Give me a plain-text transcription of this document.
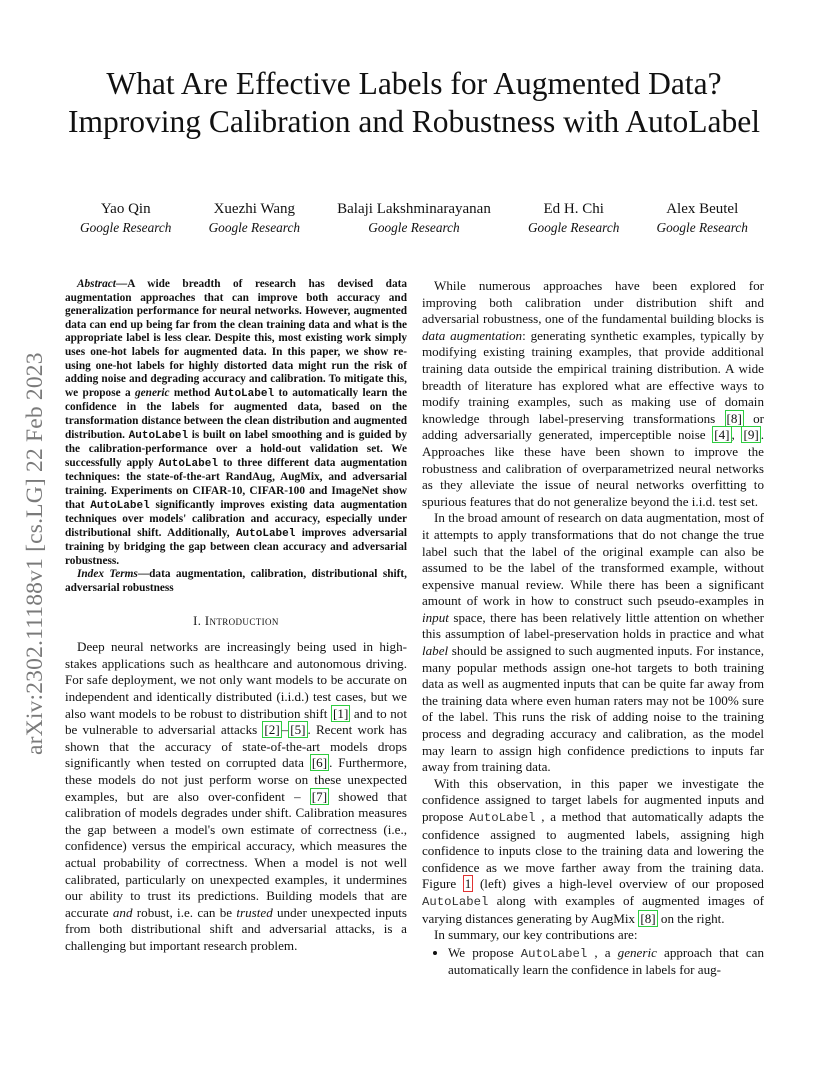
arXiv:2302.11188v1 [cs.LG] 22 Feb 2023
What Are Effective Labels for Augmented Data? Improving Calibration and Robustness with AutoLabel
Yao Qin
Google Research
Xuezhi Wang
Google Research
Balaji Lakshminarayanan
Google Research
Ed H. Chi
Google Research
Alex Beutel
Google Research

Abstract—A wide breadth of research has devised data augmentation approaches that can improve both accuracy and generalization performance for neural networks. However, augmented data can end up being far from the clean training data and what is the appropriate label is less clear. Despite this, most existing work simply uses one-hot labels for augmented data. In this paper, we show re-using one-hot labels for highly distorted data might run the risk of adding noise and degrading accuracy and calibration. To mitigate this, we propose a generic method AutoLabel to automatically learn the confidence in the labels for augmented data, based on the transformation distance between the clean distribution and augmented distribution. AutoLabel is built on label smoothing and is guided by the calibration-performance over a hold-out validation set. We successfully apply AutoLabel to three different data augmentation techniques: the state-of-the-art RandAug, AugMix, and adversarial training. Experiments on CIFAR-10, CIFAR-100 and ImageNet show that AutoLabel significantly improves existing data augmentation techniques over models' calibration and accuracy, especially under distributional shift. Additionally, AutoLabel improves adversarial training by bridging the gap between clean accuracy and adversarial robustness.

Index Terms—data augmentation, calibration, distributional shift, adversarial robustness

I. Introduction

Deep neural networks are increasingly being used in high-stakes applications such as healthcare and autonomous driving. For safe deployment, we not only want models to be accurate on independent and identically distributed (i.i.d.) test cases, but we also want models to be robust to distribution shift [1] and to not be vulnerable to adversarial attacks [2] – [5] . Recent work has shown that the accuracy of state-of-the-art models drops significantly when tested on corrupted data [6] . Furthermore, these models do not just perform worse on these unexpected examples, but are also over-confident – [7] showed that calibration of models degrades under shift. Calibration measures the gap between a model's own estimate of correctness (i.e., confidence) versus the empirical accuracy, which measures the actual probability of correctness. When a model is not well calibrated, particularly on unexpected examples, it undermines our ability to trust its predictions. Building models that are accurate and robust, i.e. can be trusted under unexpected inputs from both distributional shift and adversarial attacks, is a challenging but important research problem.

While numerous approaches have been explored for improving both calibration under distribution shift and adversarial robustness, one of the fundamental building blocks is data augmentation: generating synthetic examples, typically by modifying existing training examples, that provide additional training data outside the empirical training distribution. A wide breadth of literature has explored what are effective ways to modify training examples, such as making use of domain knowledge through label-preserving transformations [8] or adding adversarially generated, imperceptible noise [4] , [9] . Approaches like these have been shown to improve the robustness and calibration of overparametrized neural networks as they alleviate the issue of neural networks overfitting to spurious features that do not generalize beyond the i.i.d. test set.

In the broad amount of research on data augmentation, most of it attempts to apply transformations that do not change the true label such that the label of the original example can also be assumed to be the label of the transformed example, without expensive manual review. While there has been a significant amount of work in how to construct such pseudo-examples in input space, there has been relatively little attention on whether this assumption of label-preservation holds in practice and what label should be assigned to such augmented inputs. For instance, many popular methods assign one-hot targets to both training data as well as augmented inputs that can be quite far away from the training data where even human raters may not be 100% sure of the label. This runs the risk of adding noise to the training process and degrading accuracy and calibration, as the model may learn to assign high confidence predictions to inputs far away from training data.

With this observation, in this paper we investigate the confidence assigned to target labels for augmented inputs and propose AutoLabel , a method that automatically adapts the confidence assigned to augmented labels, assigning high confidence to inputs close to the training data and lowering the confidence as we move farther away from the training data. Figure 1 (left) gives a high-level overview of our proposed AutoLabel along with examples of augmented images of varying distances generating by AugMix [8] on the right.

In summary, our key contributions are:

• We propose AutoLabel , a generic approach that can automatically learn the confidence in labels for aug-
